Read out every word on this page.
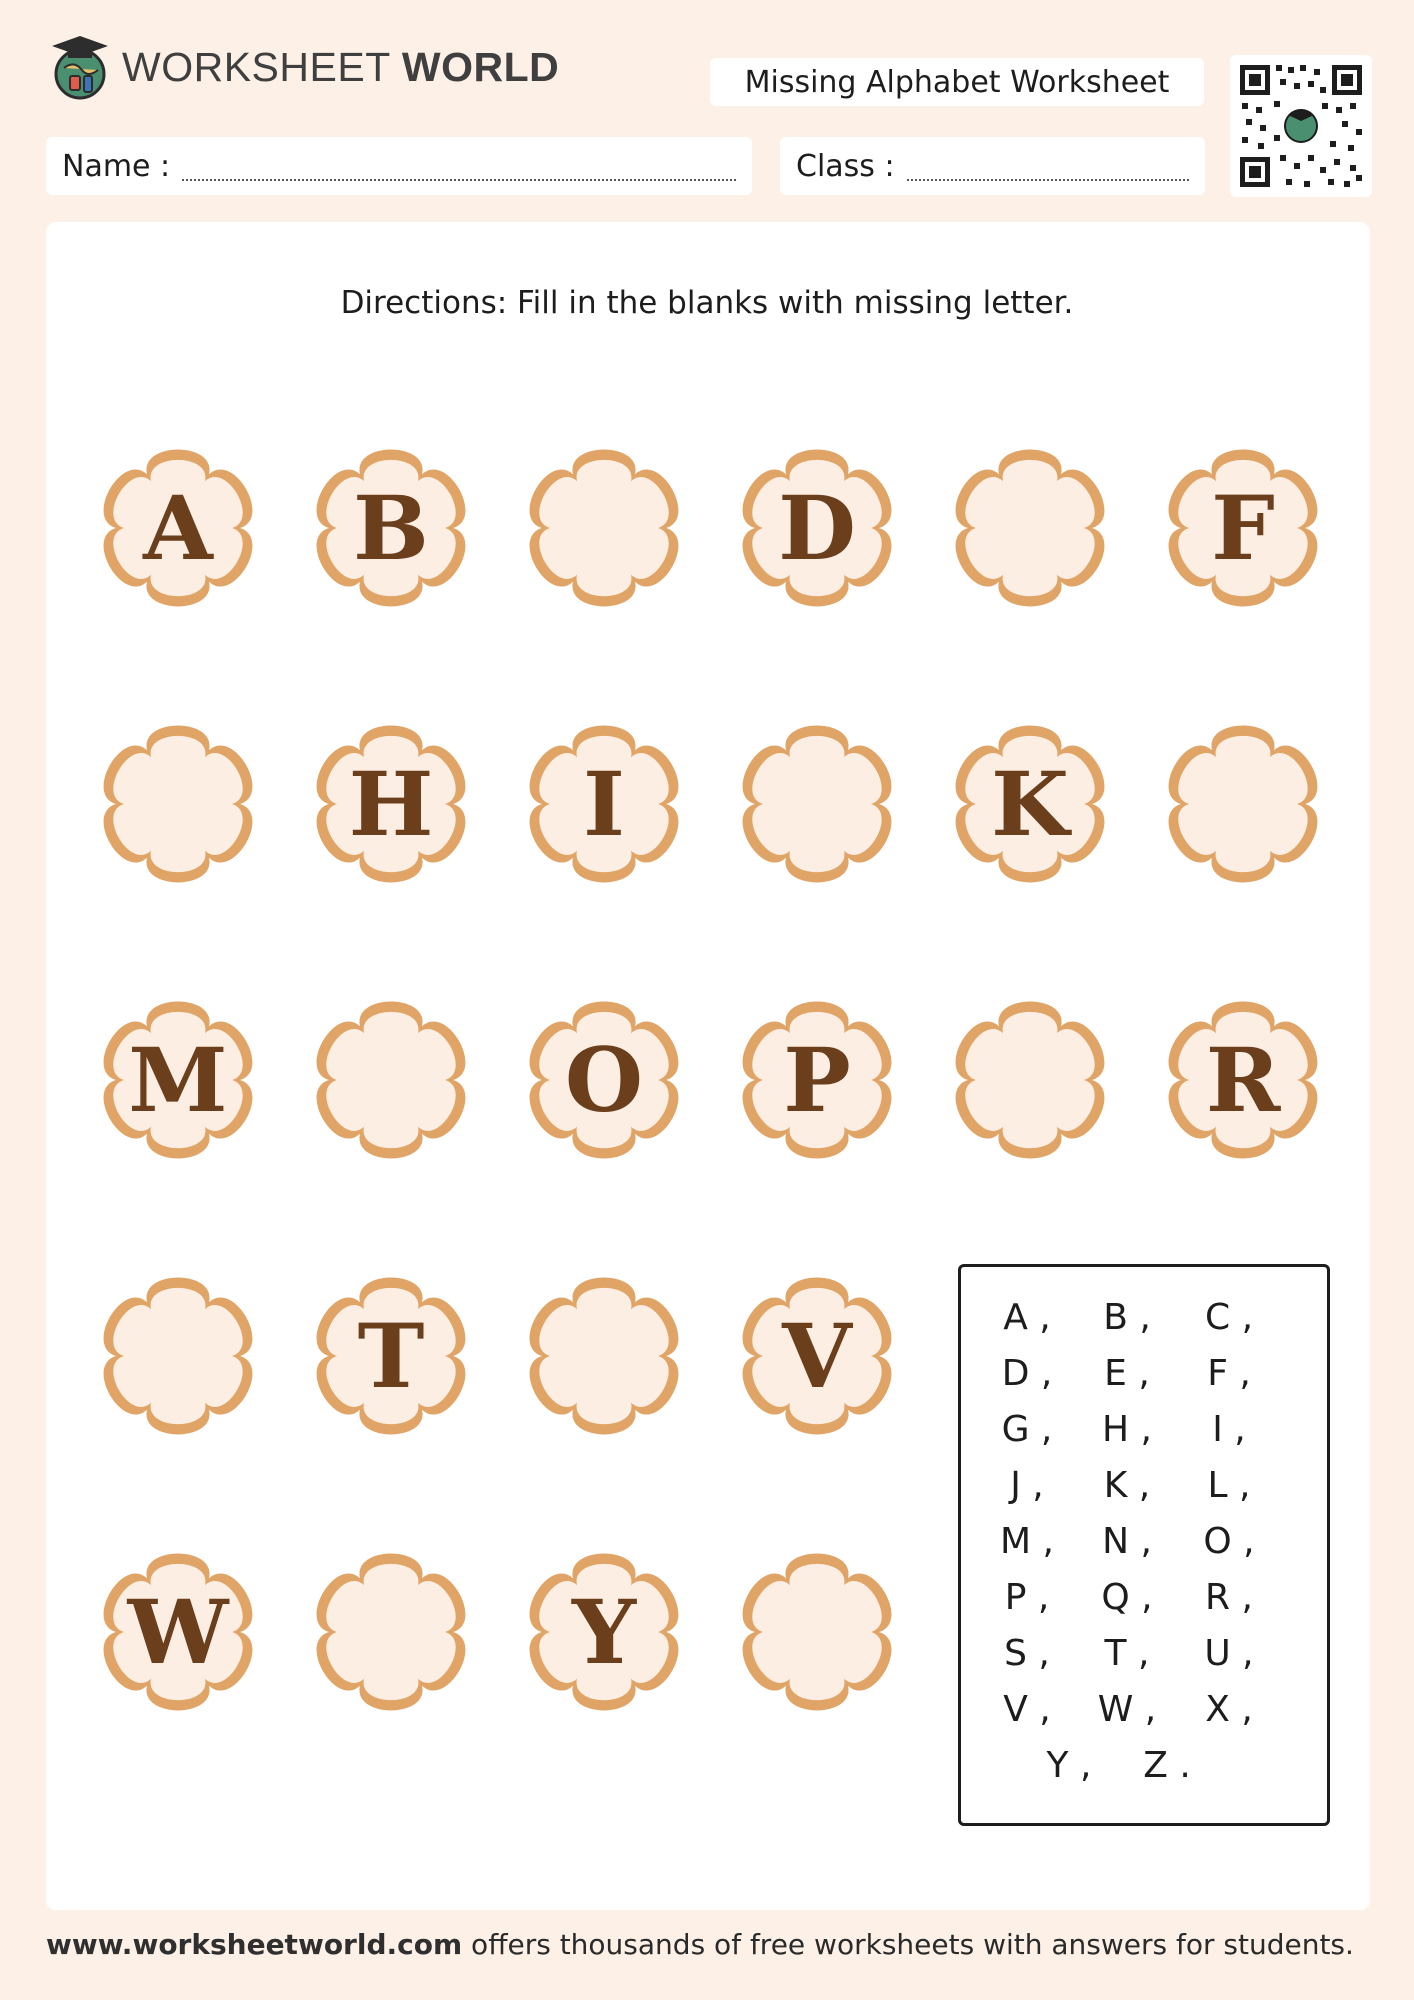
WORKSHEET WORLD	Missing Alphabet Worksheet
Name :	Class :
Directions: Fill in the blanks with missing letter.
A	B	D	F
H	I	K
M	O	P	R
T	V
W	Y
A ,	B ,	C ,
D ,	E ,	F ,
G ,	H ,	I ,
J ,	K ,	L ,
M ,	N ,	O ,
P ,	Q ,	R ,
S ,	T ,	U ,
V ,	W ,	X ,
Y ,	Z .
www.worksheetworld.com offers thousands of free worksheets with answers for students.
